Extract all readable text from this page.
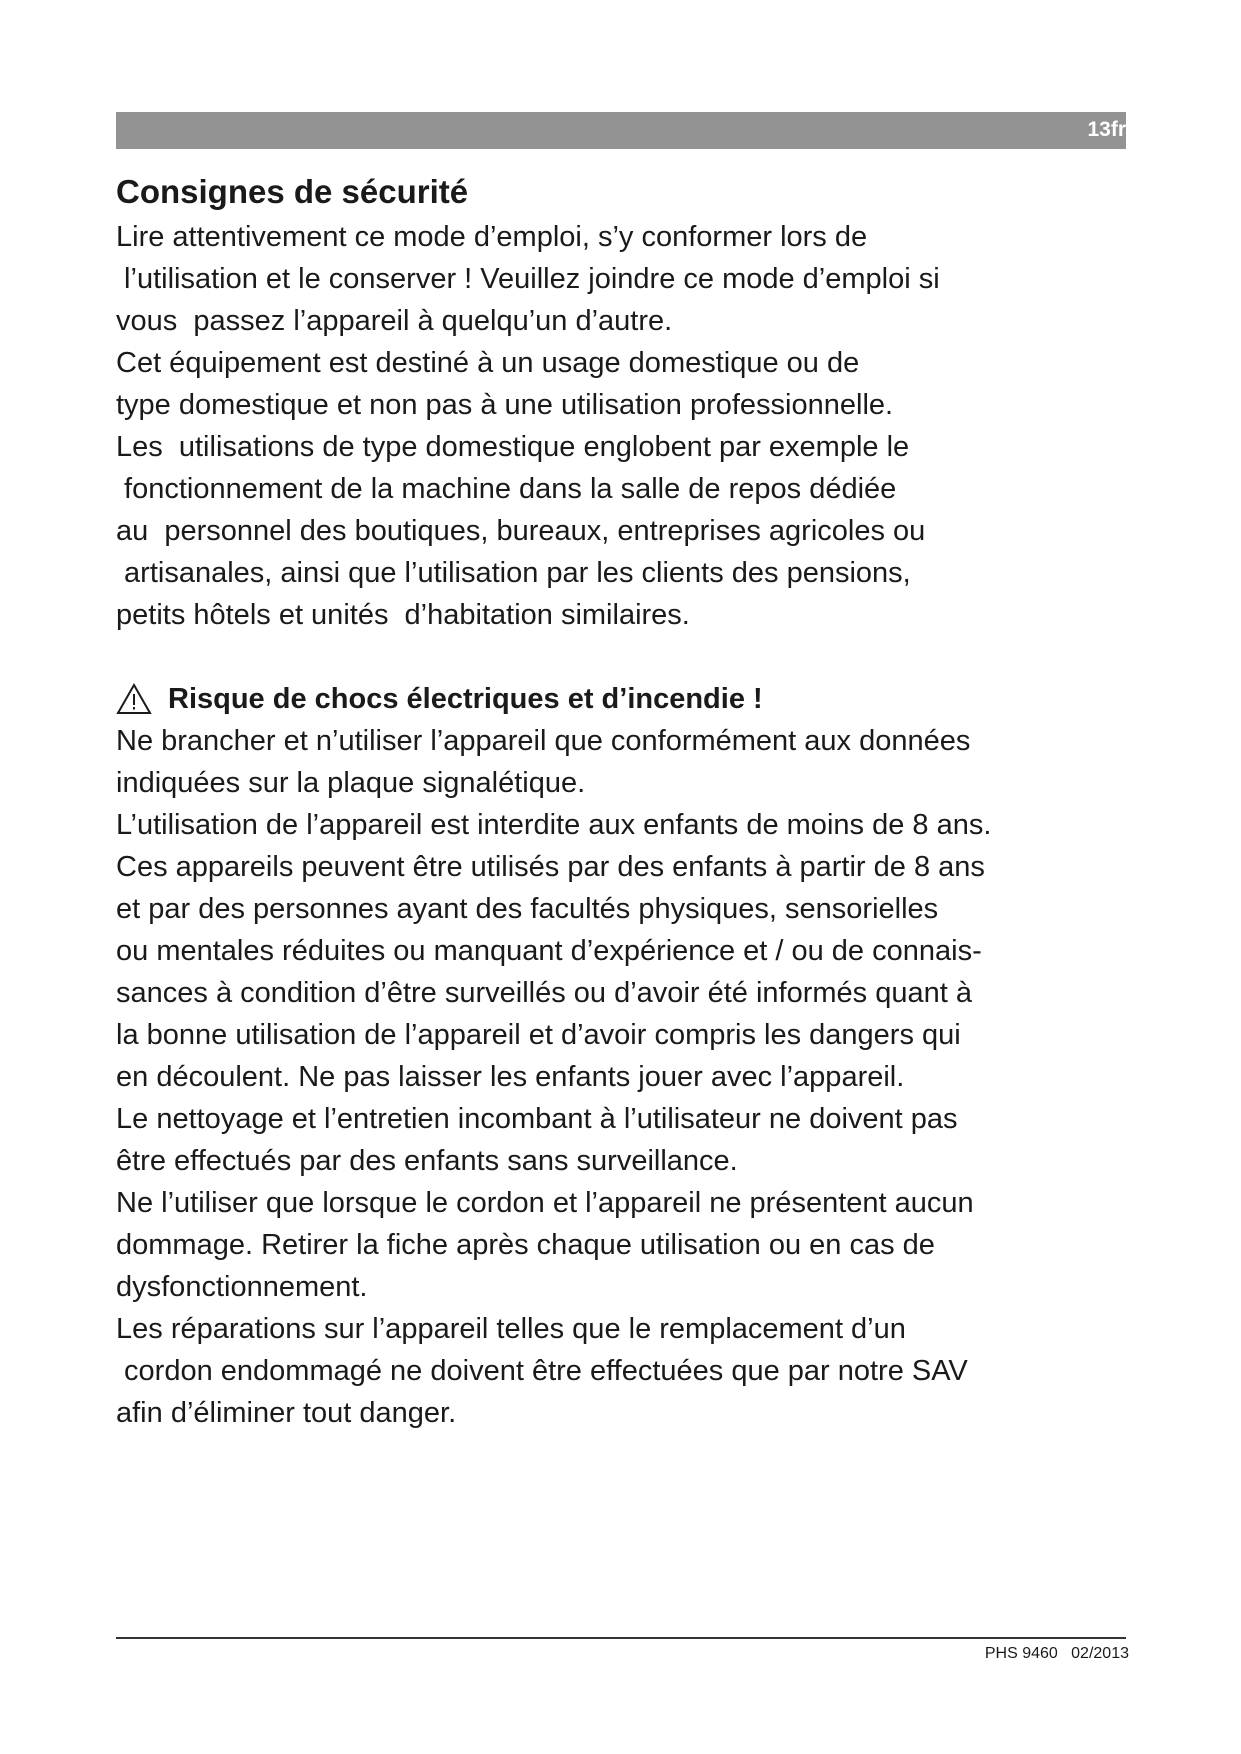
13fr
Consignes de sécurité
Lire attentivement ce mode d’emploi, s’y conformer lors de
l’utilisation et le conserver ! Veuillez joindre ce mode d’emploi si
vous  passez l’appareil à quelqu’un d’autre.
Cet équipement est destiné à un usage domestique ou de
type domestique et non pas à une utilisation professionnelle.
Les  utilisations de type domestique englobent par exemple le
fonctionnement de la machine dans la salle de repos dédiée
au  personnel des boutiques, bureaux, entreprises agricoles ou
artisanales, ainsi que l’utilisation par les clients des pensions,
petits hôtels et unités  d’habitation similaires.
Risque de chocs électriques et d’incendie !
Ne brancher et n’utiliser l’appareil que conformément aux données
indiquées sur la plaque signalétique.
L’utilisation de l’appareil est interdite aux enfants de moins de 8 ans.
Ces appareils peuvent être utilisés par des enfants à partir de 8 ans
et par des personnes ayant des facultés physiques, sensorielles
ou mentales réduites ou manquant d’expérience et / ou de connais-
sances à condition d’être surveillés ou d’avoir été informés quant à
la bonne utilisation de l’appareil et d’avoir compris les dangers qui
en découlent. Ne pas laisser les enfants jouer avec l’appareil.
Le nettoyage et l’entretien incombant à l’utilisateur ne doivent pas
être effectués par des enfants sans surveillance.
Ne l’utiliser que lorsque le cordon et l’appareil ne présentent aucun
dommage. Retirer la fiche après chaque utilisation ou en cas de
dysfonctionnement.
Les réparations sur l’appareil telles que le remplacement d’un
cordon endommagé ne doivent être effectuées que par notre SAV
afin d’éliminer tout danger.
PHS 9460 02/2013
